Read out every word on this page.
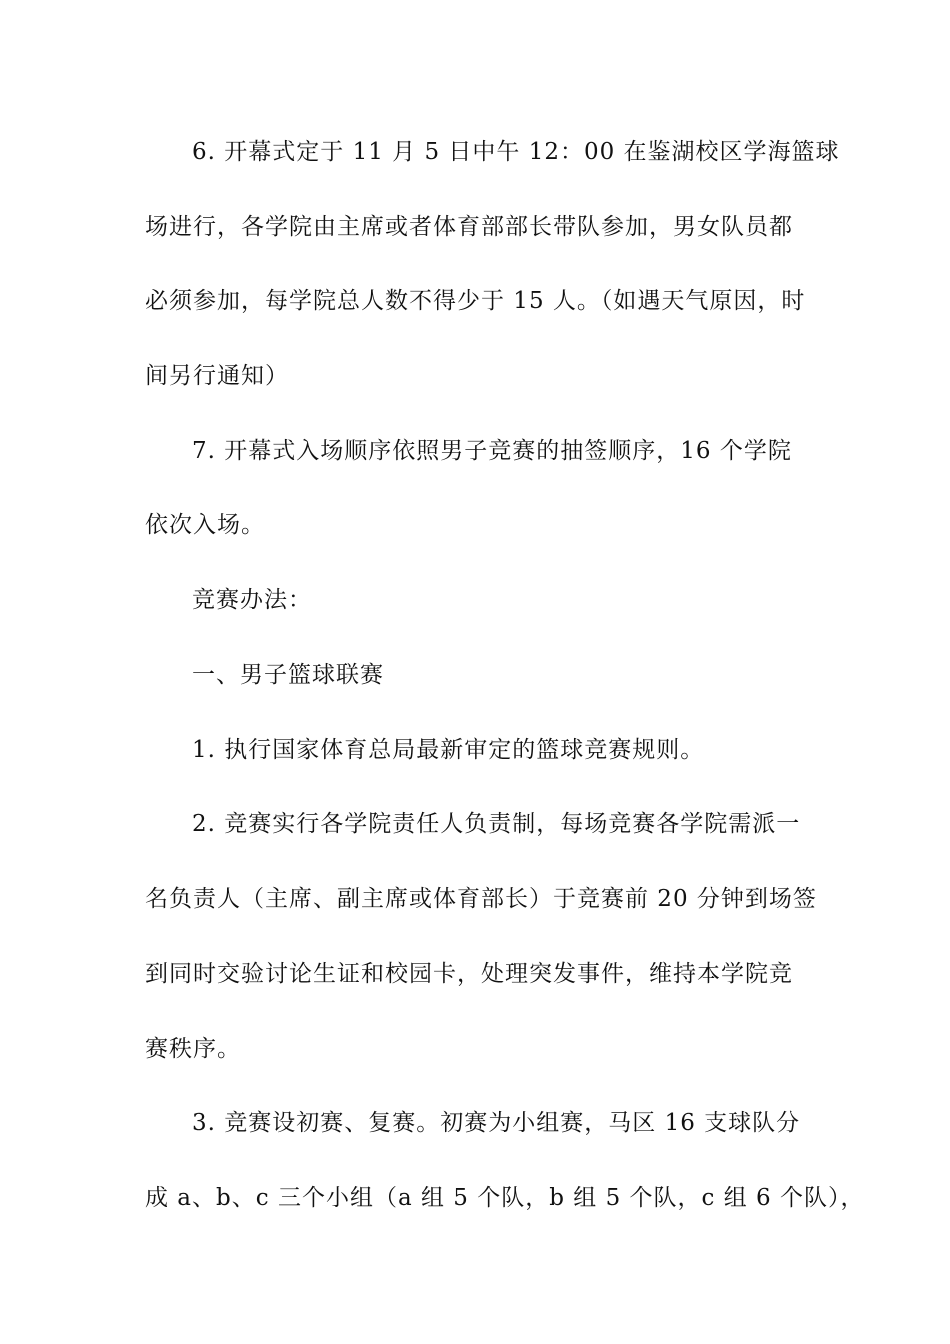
6. 开幕式定于 11 月 5 日中午 12：00 在鉴湖校区学海篮球
场进行，各学院由主席或者体育部部长带队参加，男女队员都
必须参加，每学院总人数不得少于 15 人。（如遇天气原因，时
间另行通知）
7. 开幕式入场顺序依照男子竞赛的抽签顺序，16 个学院
依次入场。
竞赛办法：
一、男子篮球联赛
1. 执行国家体育总局最新审定的篮球竞赛规则。
2. 竞赛实行各学院责任人负责制，每场竞赛各学院需派一
名负责人（主席、副主席或体育部长）于竞赛前 20 分钟到场签
到同时交验讨论生证和校园卡，处理突发事件，维持本学院竞
赛秩序。
3. 竞赛设初赛、复赛。初赛为小组赛，马区 16 支球队分
成 a、b、c 三个小组（a 组 5 个队，b 组 5 个队，c 组 6 个队），
